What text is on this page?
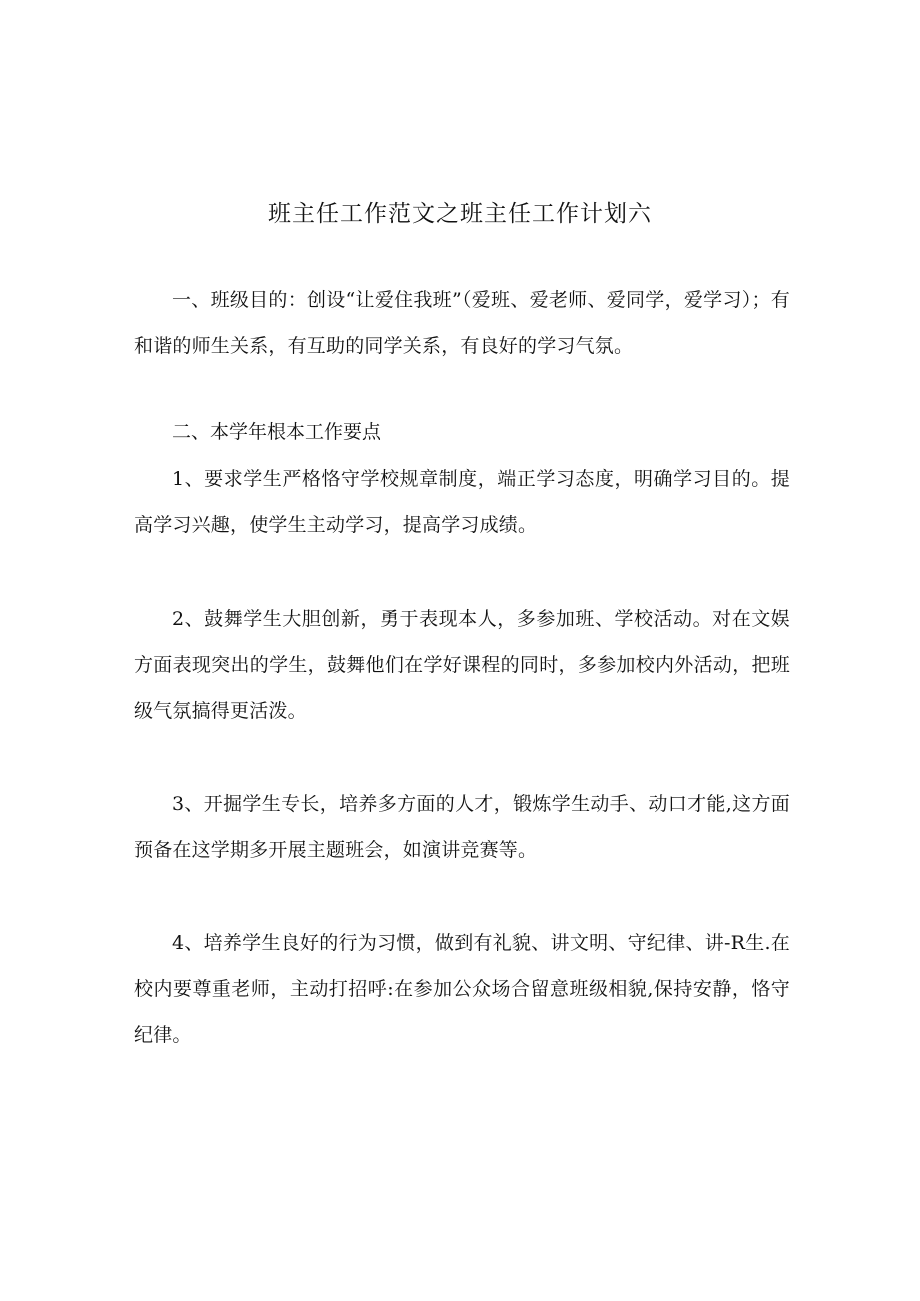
班主任工作范文之班主任工作计划六

一、班级目的：创设“让爱住我班”（爱班、爱老师、爱同学，爱学习）；有和谐的师生关系，有互助的同学关系，有良好的学习气氛。

二、本学年根本工作要点

1、要求学生严格恪守学校规章制度，端正学习态度，明确学习目的。提高学习兴趣，使学生主动学习，提高学习成绩。

2、鼓舞学生大胆创新，勇于表现本人，多参加班、学校活动。对在文娱方面表现突出的学生，鼓舞他们在学好课程的同时，多参加校内外活动，把班级气氛搞得更活泼。

3、开掘学生专长，培养多方面的人才，锻炼学生动手、动口才能,这方面预备在这学期多开展主题班会，如演讲竞赛等。

4、培养学生良好的行为习惯，做到有礼貌、讲文明、守纪律、讲-R生.在校内要尊重老师，主动打招呼:在参加公众场合留意班级相貌,保持安静，恪守纪律。
